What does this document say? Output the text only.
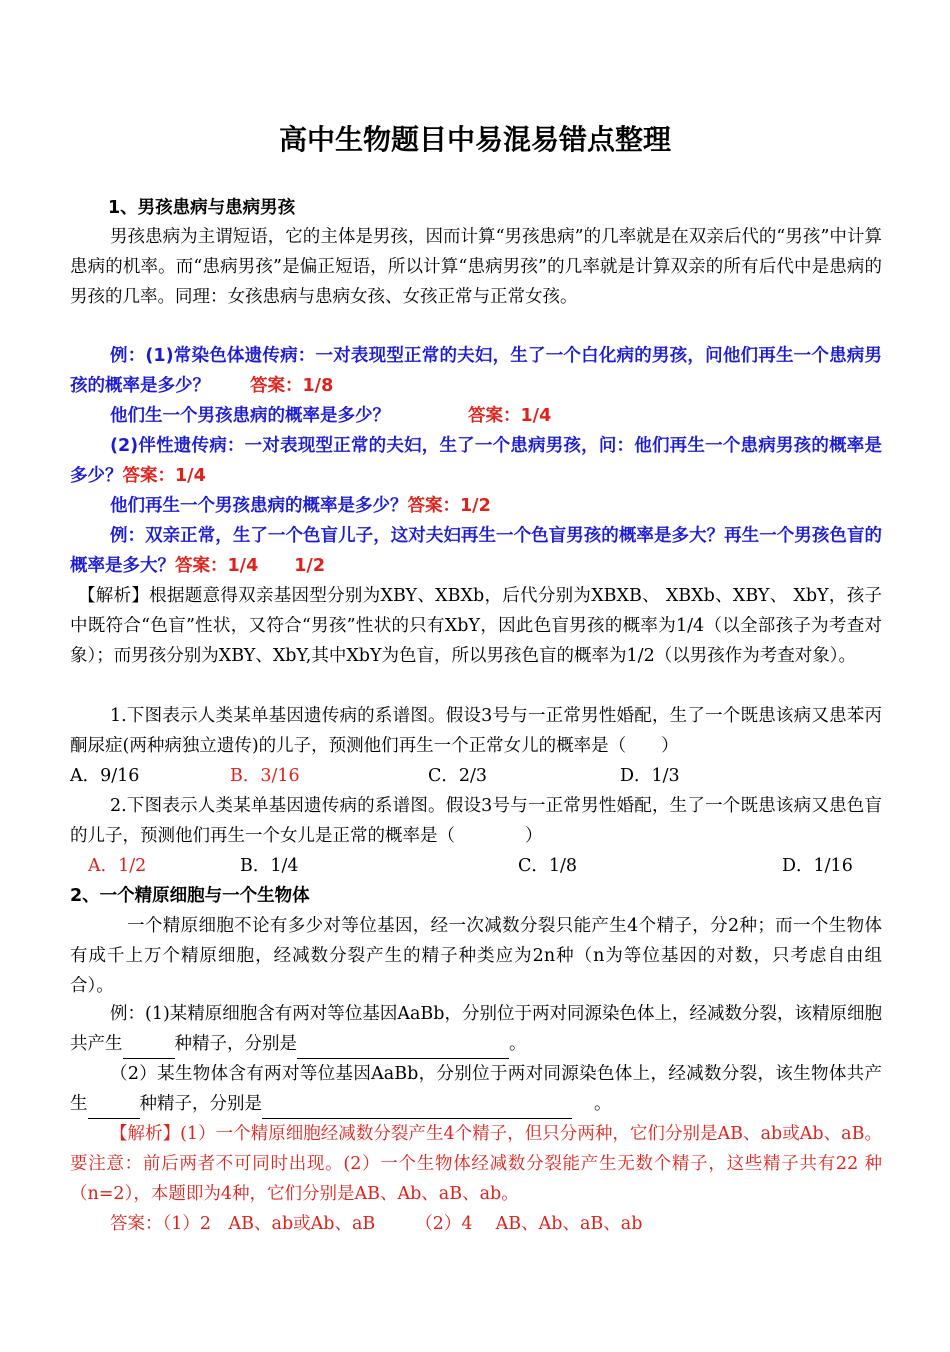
高中生物题目中易混易错点整理

1、男孩患病与患病男孩

男孩患病为主谓短语，它的主体是男孩，因而计算“男孩患病”的几率就是在双亲后代的“男孩”中计算患病的机率。而“患病男孩”是偏正短语，所以计算“患病男孩”的几率就是计算双亲的所有后代中是患病的男孩的几率。同理：女孩患病与患病女孩、女孩正常与正常女孩。

例：(1)常染色体遗传病：一对表现型正常的夫妇，生了一个白化病的男孩，问他们再生一个患病男孩的概率是多少？ 答案：1/8

他们生一个男孩患病的概率是多少？	答案：1/4

(2)伴性遗传病：一对表现型正常的夫妇，生了一个患病男孩，问：他们再生一个患病男孩的概率是多少？答案：1/4

他们再生一个男孩患病的概率是多少？答案：1/2

例：双亲正常，生了一个色盲儿子，这对夫妇再生一个色盲男孩的概率是多大？再生一个男孩色盲的概率是多大？答案：1/4 1/2

【解析】根据题意得双亲基因型分别为XBY、XBXb，后代分别为XBXB、 XBXb、XBY、 XbY，孩子中既符合“色盲”性状，又符合“男孩”性状的只有XbY，因此色盲男孩的概率为1/4（以全部孩子为考查对象）；而男孩分别为XBY、XbY,其中XbY为色盲，所以男孩色盲的概率为1/2（以男孩作为考查对象）。

1.下图表示人类某单基因遗传病的系谱图。假设3号与一正常男性婚配，生了一个既患该病又患苯丙酮尿症(两种病独立遗传)的儿子，预测他们再生一个正常女儿的概率是（　　）

A．9/16	B．3/16	C．2/3	D．1/3

2.下图表示人类某单基因遗传病的系谱图。假设3号与一正常男性婚配，生了一个既患该病又患色盲的儿子，预测他们再生一个女儿是正常的概率是（　　　　）

A．1/2	B．1/4	C．1/8	D．1/16

2、一个精原细胞与一个生物体

一个精原细胞不论有多少对等位基因，经一次减数分裂只能产生4个精子，分2种；而一个生物体有成千上万个精原细胞，经减数分裂产生的精子种类应为2n种（n为等位基因的对数，只考虑自由组合）。

例：(1)某精原细胞含有两对等位基因AaBb，分别位于两对同源染色体上，经减数分裂，该精原细胞共产生	种精子，分别是	。

（2）某生物体含有两对等位基因AaBb，分别位于两对同源染色体上，经减数分裂，该生物体共产生	种精子，分别是	。

【解析】(1）一个精原细胞经减数分裂产生4个精子，但只分两种，它们分别是AB、ab或Ab、aB。要注意：前后两者不可同时出现。(2）一个生物体经减数分裂能产生无数个精子，这些精子共有22 种（n=2），本题即为4种，它们分别是AB、Ab、aB、ab。

答案：（1）2　AB、ab或Ab、aB （2）4　 AB、Ab、aB、ab
